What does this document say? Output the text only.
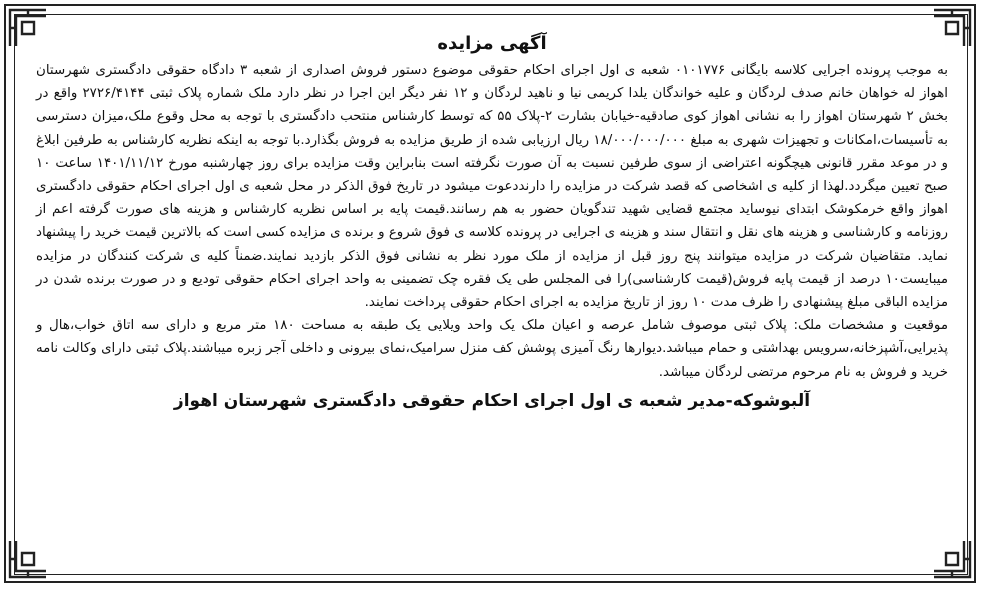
آگهی مزایده

به موجب پرونده اجرایی کلاسه بایگانی ۰۱۰۱۷۷۶ شعبه ی اول اجرای احکام حقوقی موضوع دستور فروش اصداری از شعبه ۳ دادگاه حقوقی دادگستری شهرستان اهواز له خواهان خانم صدف لردگان و علیه خواندگان یلدا کریمی نیا و ناهید لردگان و ۱۲ نفر دیگر این اجرا در نظر دارد ملک شماره پلاک ثبتی ۲۷۲۶/۴۱۴۴ واقع در بخش ۲ شهرستان اهواز را به نشانی اهواز کوی صادقیه-خیابان بشارت ۲-پلاک ۵۵ که توسط کارشناس منتحب دادگستری با توجه به محل وقوع ملک،میزان دسترسی به تأسیسات،امکانات و تجهیزات شهری به مبلغ ۱۸/۰۰۰/۰۰۰/۰۰۰ ریال ارزیابی شده از طریق مزایده به فروش بگذارد.با توجه به اینکه نظریه کارشناس به طرفین ابلاغ و در موعد مقرر قانونی هیچگونه اعتراضی از سوی طرفین نسبت به آن صورت نگرفته است بنابراین وقت مزایده برای روز چهارشنبه مورخ ۱۴۰۱/۱۱/۱۲ ساعت ۱۰ صبح تعیین میگردد.لهذا از کلیه ی اشخاصی که قصد شرکت در مزایده را دارنددعوت میشود در تاریخ فوق الذکر در محل شعبه ی اول اجرای احکام حقوقی دادگستری اهواز واقع خرمکوشک ابتدای نیوساید مجتمع قضایی شهید تندگویان حضور به هم رسانند.قیمت پایه بر اساس نظریه کارشناس و هزینه های صورت گرفته اعم از روزنامه و کارشناسی و هزینه های نقل و انتقال سند و هزینه ی اجرایی در پرونده کلاسه ی فوق شروع و برنده ی مزایده کسی است که بالاترین قیمت خرید را پیشنهاد نماید. متقاضیان شرکت در مزایده میتوانند پنج روز قبل از مزایده از ملک مورد نظر به نشانی فوق الذکر بازدید نمایند.ضمناً کلیه ی شرکت کنندگان در مزایده میبایست۱۰ درصد از قیمت پایه فروش(قیمت کارشناسی)را فی المجلس طی یک فقره چک تضمینی به واحد اجرای احکام حقوقی تودیع و در صورت برنده شدن در مزایده الباقی مبلغ پیشنهادی را ظرف مدت ۱۰ روز از تاریخ مزایده به اجرای احکام حقوقی پرداخت نمایند.

موقعیت و مشخصات ملک: پلاک ثبتی موصوف شامل عرصه و اعیان ملک یک واحد ویلایی یک طبقه به مساحت ۱۸۰ متر مربع و دارای سه اتاق خواب،هال و پذیرایی،آشپزخانه،سرویس بهداشتی و حمام میباشد.دیوارها رنگ آمیزی پوشش کف منزل سرامیک،نمای بیرونی و داخلی آجر زبره میباشند.پلاک ثبتی دارای وکالت نامه خرید و فروش به نام مرحوم مرتضی لردگان میباشد.

آلبوشوکه-مدیر شعبه ی اول اجرای احکام حقوقی دادگستری شهرستان اهواز
